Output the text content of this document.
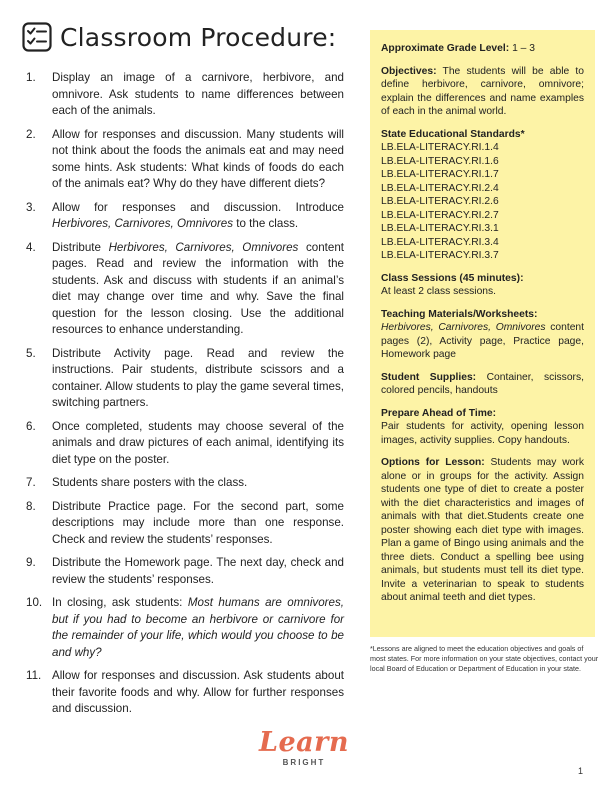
Classroom Procedure:
1.	Display an image of a carnivore, herbivore, and omnivore. Ask students to name differences between each of the animals.
2.	Allow for responses and discussion. Many students will not think about the foods the animals eat and may need some hints. Ask students: What kinds of foods do each of the animals eat? Why do they have different diets?
3.	Allow for responses and discussion. Introduce Herbivores, Carnivores, Omnivores to the class.
4.	Distribute Herbivores, Carnivores, Omnivores content pages. Read and review the information with the students. Ask and discuss with students if an animal’s diet may change over time and why. Save the final question for the lesson closing. Use the additional resources to enhance understanding.
5.	Distribute Activity page. Read and review the instructions. Pair students, distribute scissors and a container. Allow students to play the game several times, switching partners.
6.	Once completed, students may choose several of the animals and draw pictures of each animal, identifying its diet type on the poster.
7.	Students share posters with the class.
8.	Distribute Practice page. For the second part, some descriptions may include more than one response. Check and review the students’ responses.
9.	Distribute the Homework page. The next day, check and review the students’ responses.
10. In closing, ask students: Most humans are omnivores, but if you had to become an herbivore or carnivore for the remainder of your life, which would you choose to be and why?
11. Allow for responses and discussion. Ask students about their favorite foods and why. Allow for further responses and discussion.
Approximate Grade Level: 1 – 3
Objectives: The students will be able to define herbivore, carnivore, omnivore; explain the differences and name examples of each in the animal world.
State Educational Standards*
LB.ELA-LITERACY.RI.1.4
LB.ELA-LITERACY.RI.1.6
LB.ELA-LITERACY.RI.1.7
LB.ELA-LITERACY.RI.2.4
LB.ELA-LITERACY.RI.2.6
LB.ELA-LITERACY.RI.2.7
LB.ELA-LITERACY.RI.3.1
LB.ELA-LITERACY.RI.3.4
LB.ELA-LITERACY.RI.3.7
Class Sessions (45 minutes):
At least 2 class sessions.
Teaching Materials/Worksheets:
Herbivores, Carnivores, Omnivores content pages (2), Activity page, Practice page, Homework page
Student Supplies: Container, scissors, colored pencils, handouts
Prepare Ahead of Time:
Pair students for activity, opening lesson images, activity supplies. Copy handouts.
Options for Lesson: Students may work alone or in groups for the activity. Assign students one type of diet to create a poster with the diet characteristics and images of animals with that diet.Students create one poster showing each diet type with images. Plan a game of Bingo using animals and the three diets. Conduct a spelling bee using animals, but students must tell its diet type. Invite a veterinarian to speak to students about animal teeth and diet types.
*Lessons are aligned to meet the education objectives and goals of most states. For more information on your state objectives, contact your local Board of Education or Department of Education in your state.
Learn
BRIGHT
1
